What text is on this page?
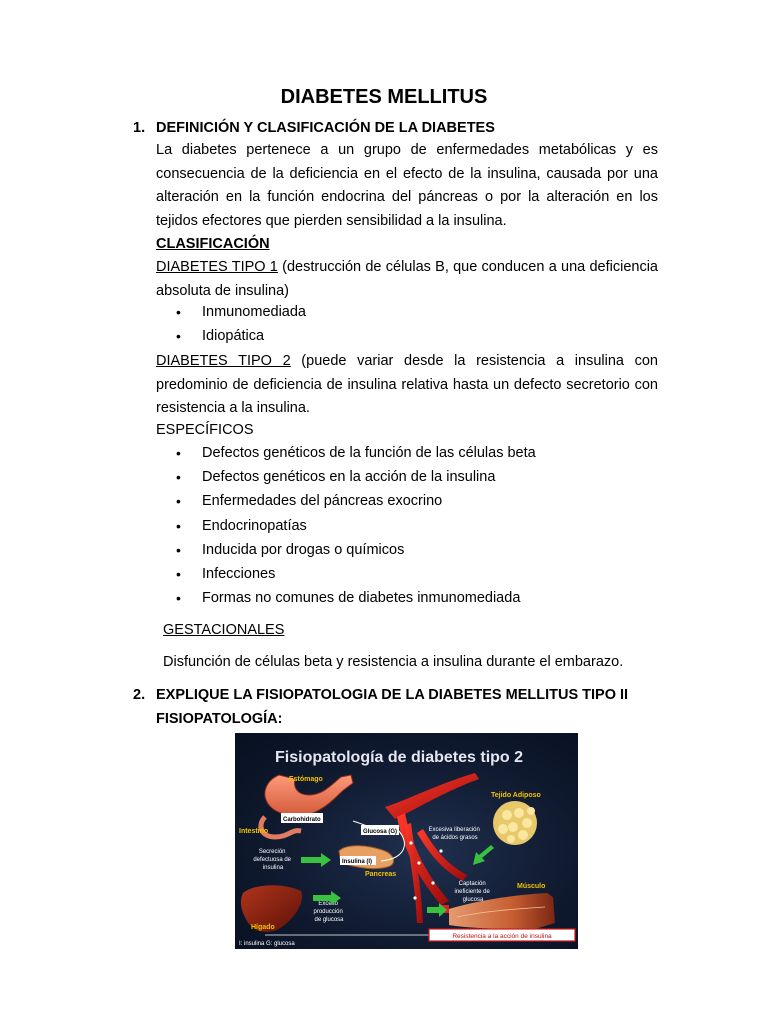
DIABETES MELLITUS
1. DEFINICIÓN Y CLASIFICACIÓN DE LA DIABETES
La diabetes pertenece a un grupo de enfermedades metabólicas y es consecuencia de la deficiencia en el efecto de la insulina, causada por una alteración en la función endocrina del páncreas o por la alteración en los tejidos efectores que pierden sensibilidad a la insulina.
CLASIFICACIÓN
DIABETES TIPO 1 (destrucción de células B, que conducen a una deficiencia absoluta de insulina)
• Inmunomediada
• Idiopática
DIABETES TIPO 2 (puede variar desde la resistencia a insulina con predominio de deficiencia de insulina relativa hasta un defecto secretorio con resistencia a la insulina.
ESPECÍFICOS
• Defectos genéticos de la función de las células beta
• Defectos genéticos en la acción de la insulina
• Enfermedades del páncreas exocrino
• Endocrinopatías
• Inducida por drogas o químicos
• Infecciones
• Formas no comunes de diabetes inmunomediada
GESTACIONALES
Disfunción de células beta y resistencia a insulina durante el embarazo.
2. EXPLIQUE LA FISIOPATOLOGIA DE LA DIABETES MELLITUS TIPO II
FISIOPATOLOGÍA:
Fisiopatología de diabetes tipo 2
Estómago
Carbohidrato
Intestino	Glucosa (G)
Insulina (I)
Pancreas
Secreción defectuosa de insulina
Tejido Adiposo
Excesiva liberación de ácidos grasos
Músculo
Captación ineficiente de glucosa
Hígado
Exceso producción de glucosa
Resistencia a la acción de insulina
I: insulina G: glucosa
